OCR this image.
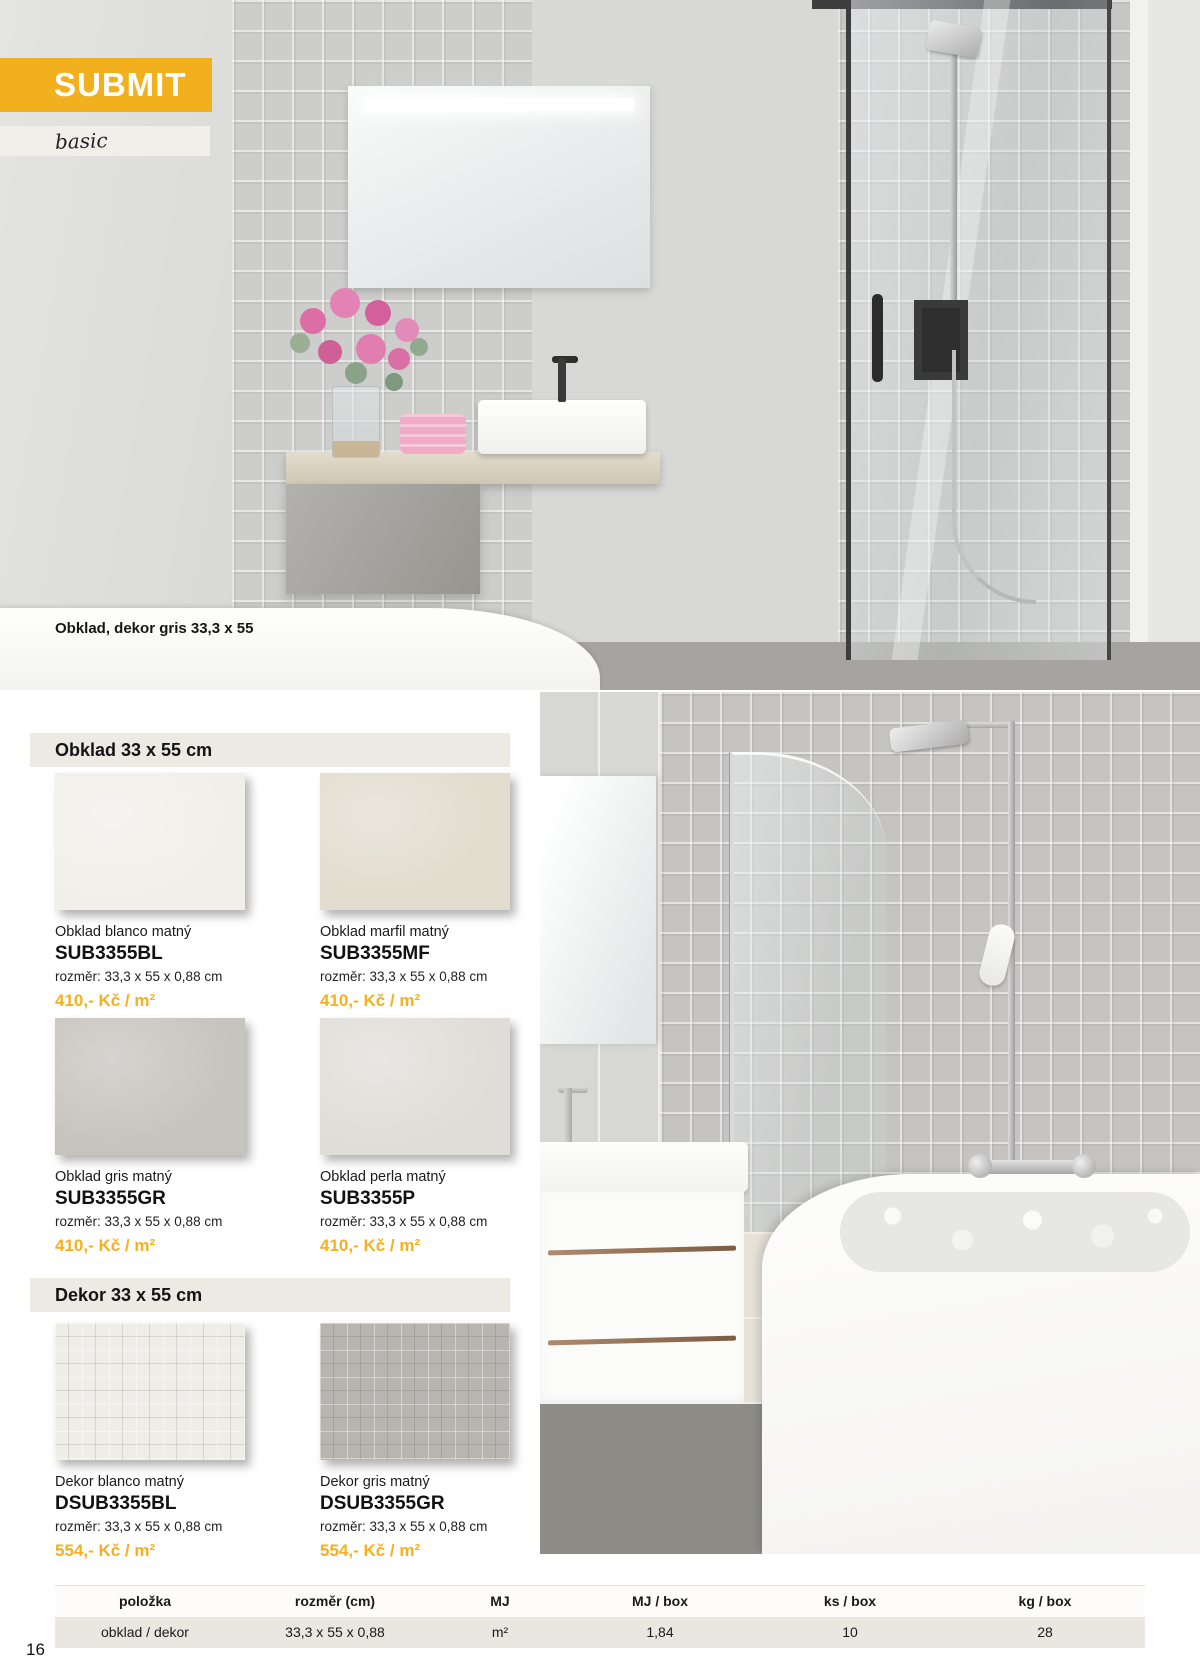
Obklad, dekor gris 33,3 x 55
SUBMIT
basic
Obklad 33 x 55 cm
Obklad blanco matný
SUB3355BL
rozměr: 33,3 x 55 x 0,88 cm
410,- Kč / m²
Obklad marfil matný
SUB3355MF
rozměr: 33,3 x 55 x 0,88 cm
410,- Kč / m²
Obklad gris matný
SUB3355GR
rozměr: 33,3 x 55 x 0,88 cm
410,- Kč / m²
Obklad perla matný
SUB3355P
rozměr: 33,3 x 55 x 0,88 cm
410,- Kč / m²
Dekor 33 x 55 cm
Dekor blanco matný
DSUB3355BL
rozměr: 33,3 x 55 x 0,88 cm
554,- Kč / m²
Dekor gris matný
DSUB3355GR
rozměr: 33,3 x 55 x 0,88 cm
554,- Kč / m²
položka	rozměr (cm)	MJ	MJ / box	ks / box	kg / box
obklad / dekor	33,3 x 55 x 0,88	m²	1,84	10	28
16
